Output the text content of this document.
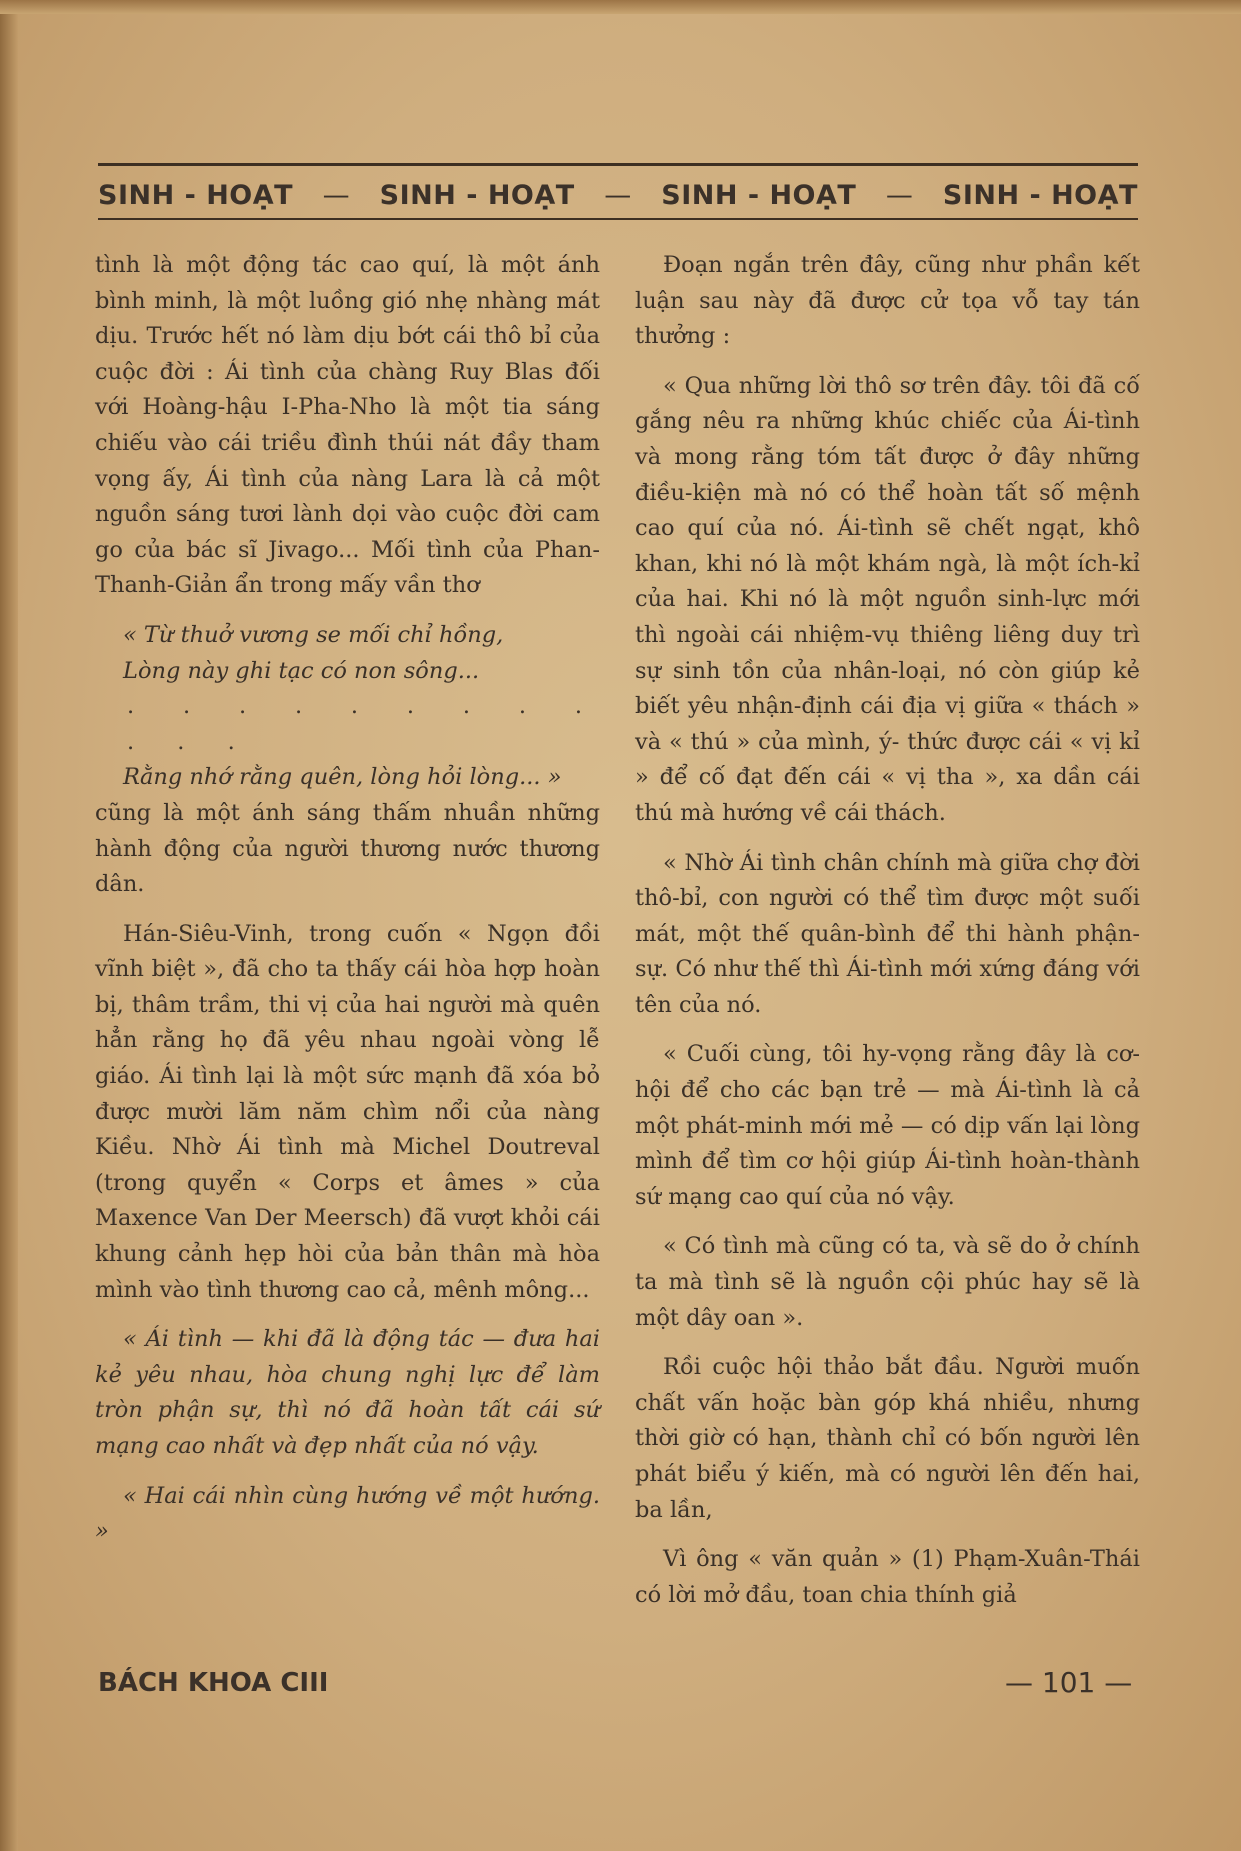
SINH - HOẠT — SINH - HOẠT — SINH - HOẠT — SINH - HOẠT

tình là một động tác cao quí, là một ánh bình minh, là một luồng gió nhẹ nhàng mát dịu. Trước hết nó làm dịu bớt cái thô bỉ của cuộc đời : Ái tình của chàng Ruy Blas đối với Hoàng-hậu I-Pha-Nho là một tia sáng chiếu vào cái triều đình thúi nát đầy tham vọng ấy, Ái tình của nàng Lara là cả một nguồn sáng tươi lành dọi vào cuộc đời cam go của bác sĩ Jivago... Mối tình của Phan-Thanh-Giản ẩn trong mấy vần thơ

« Từ thuở vương se mối chỉ hồng,

Lòng này ghi tạc có non sông...

. . . . . . . . . . . .

Rằng nhớ rằng quên, lòng hỏi lòng... »

cũng là một ánh sáng thấm nhuần những hành động của người thương nước thương dân.

Hán-Siêu-Vinh, trong cuốn « Ngọn đồi vĩnh biệt », đã cho ta thấy cái hòa hợp hoàn bị, thâm trầm, thi vị của hai người mà quên hẳn rằng họ đã yêu nhau ngoài vòng lễ giáo. Ái tình lại là một sức mạnh đã xóa bỏ được mười lăm năm chìm nổi của nàng Kiều. Nhờ Ái tình mà Michel Doutreval (trong quyển « Corps et âmes » của Maxence Van Der Meersch) đã vượt khỏi cái khung cảnh hẹp hòi của bản thân mà hòa mình vào tình thương cao cả, mênh mông...

« Ái tình — khi đã là động tác — đưa hai kẻ yêu nhau, hòa chung nghị lực để làm tròn phận sự, thì nó đã hoàn tất cái sứ mạng cao nhất và đẹp nhất của nó vậy.

« Hai cái nhìn cùng hướng về một hướng. »

Đoạn ngắn trên đây, cũng như phần kết luận sau này đã được cử tọa vỗ tay tán thưởng :

« Qua những lời thô sơ trên đây. tôi đã cố gắng nêu ra những khúc chiếc của Ái-tình và mong rằng tóm tất được ở đây những điều-kiện mà nó có thể hoàn tất số mệnh cao quí của nó. Ái-tình sẽ chết ngạt, khô khan, khi nó là một khám ngà, là một ích-kỉ của hai. Khi nó là một nguồn sinh-lực mới thì ngoài cái nhiệm-vụ thiêng liêng duy trì sự sinh tồn của nhân-loại, nó còn giúp kẻ biết yêu nhận-định cái địa vị giữa « thách » và « thú » của mình, ý- thức được cái « vị kỉ » để cố đạt đến cái « vị tha », xa dần cái thú mà hướng về cái thách.

« Nhờ Ái tình chân chính mà giữa chợ đời thô-bỉ, con người có thể tìm được một suối mát, một thế quân-bình để thi hành phận-sự. Có như thế thì Ái-tình mới xứng đáng với tên của nó.

« Cuối cùng, tôi hy-vọng rằng đây là cơ-hội để cho các bạn trẻ — mà Ái-tình là cả một phát-minh mới mẻ — có dịp vấn lại lòng mình để tìm cơ hội giúp Ái-tình hoàn-thành sứ mạng cao quí của nó vậy.

« Có tình mà cũng có ta, và sẽ do ở chính ta mà tình sẽ là nguồn cội phúc hay sẽ là một dây oan ».

Rồi cuộc hội thảo bắt đầu. Người muốn chất vấn hoặc bàn góp khá nhiều, nhưng thời giờ có hạn, thành chỉ có bốn người lên phát biểu ý kiến, mà có người lên đến hai, ba lần,

Vì ông « văn quản » (1) Phạm-Xuân-Thái có lời mở đầu, toan chia thính giả

BÁCH KHOA CIII	— 101 —
